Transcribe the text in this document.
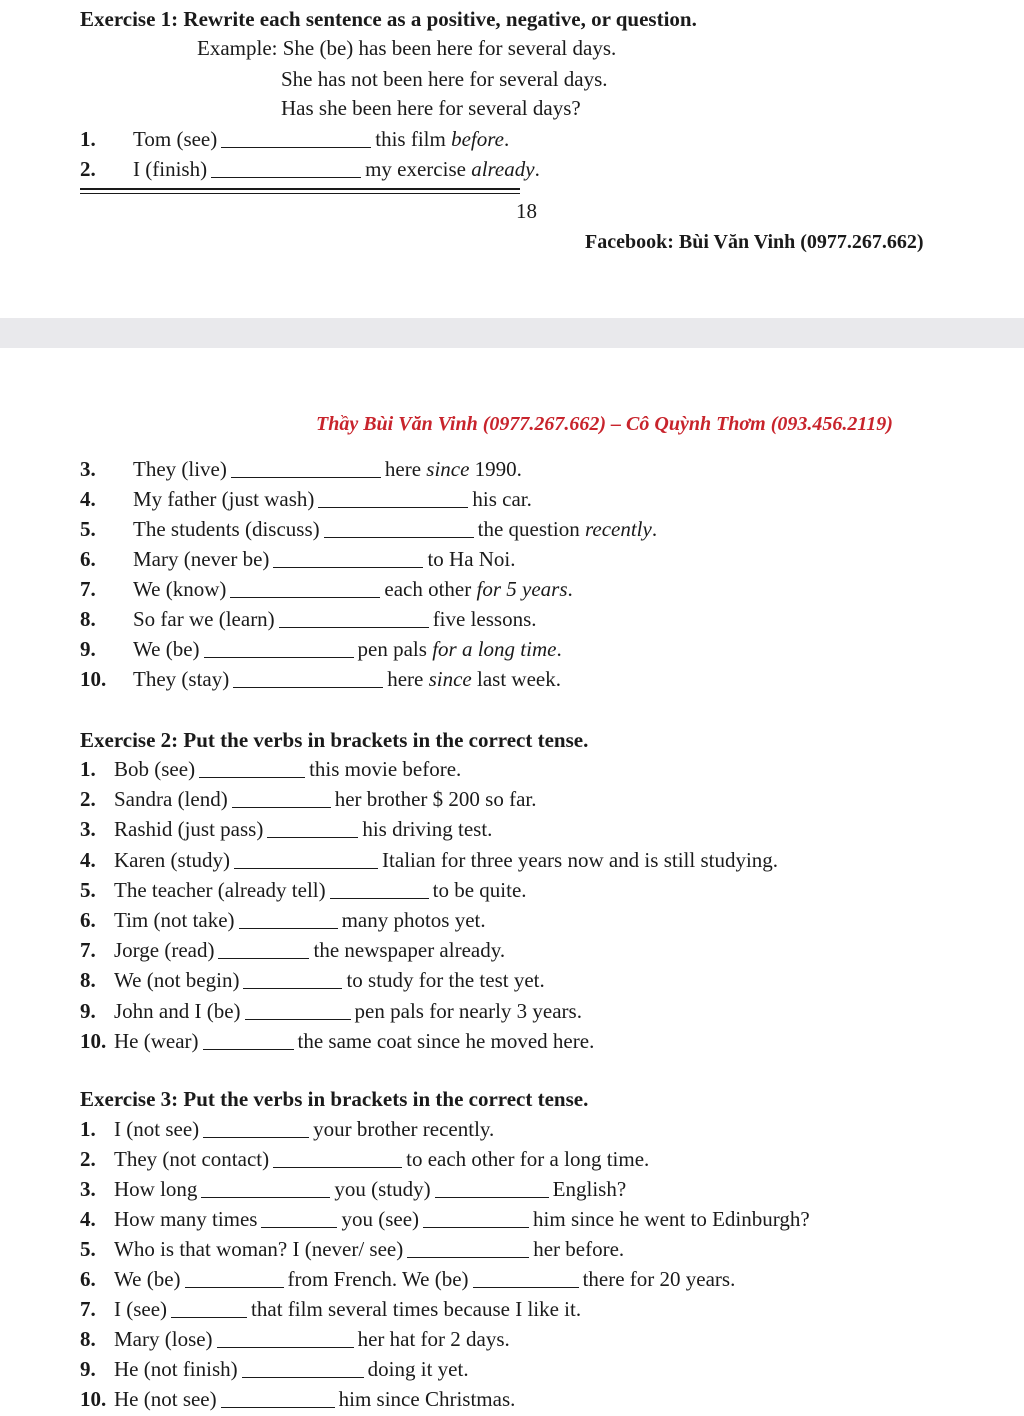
Exercise 1: Rewrite each sentence as a positive, negative, or question.
Example: She (be) has been here for several days.
She has not been here for several days.
Has she been here for several days?
1. Tom (see)	this film before.
2. I (finish)	my exercise already.
18
Facebook: Bùi Văn Vinh (0977.267.662)
Thầy Bùi Văn Vinh (0977.267.662) – Cô Quỳnh Thơm (093.456.2119)
3. They (live)	here since 1990.
4. My father (just wash)	his car.
5. The students (discuss)	the question recently.
6. Mary (never be)	to Ha Noi.
7. We (know)	each other for 5 years.
8. So far we (learn)	five lessons.
9. We (be)	pen pals for a long time.
10. They (stay)	here since last week.
Exercise 2: Put the verbs in brackets in the correct tense.
1. Bob (see)	this movie before.
2. Sandra (lend)	her brother $ 200 so far.
3. Rashid (just pass)	his driving test.
4. Karen (study)	Italian for three years now and is still studying.
5. The teacher (already tell)	to be quite.
6. Tim (not take)	many photos yet.
7. Jorge (read)	the newspaper already.
8. We (not begin)	to study for the test yet.
9. John and I (be)	pen pals for nearly 3 years.
10. He (wear)	the same coat since he moved here.
Exercise 3: Put the verbs in brackets in the correct tense.
1. I (not see)	your brother recently.
2. They (not contact)	to each other for a long time.
3. How long	you (study)	English?
4. How many times	you (see)	him since he went to Edinburgh?
5. Who is that woman? I (never/ see)	her before.
6. We (be)	from French. We (be)	there for 20 years.
7. I (see)	that film several times because I like it.
8. Mary (lose)	her hat for 2 days.
9. He (not finish)	doing it yet.
10. He (not see)	him since Christmas.
